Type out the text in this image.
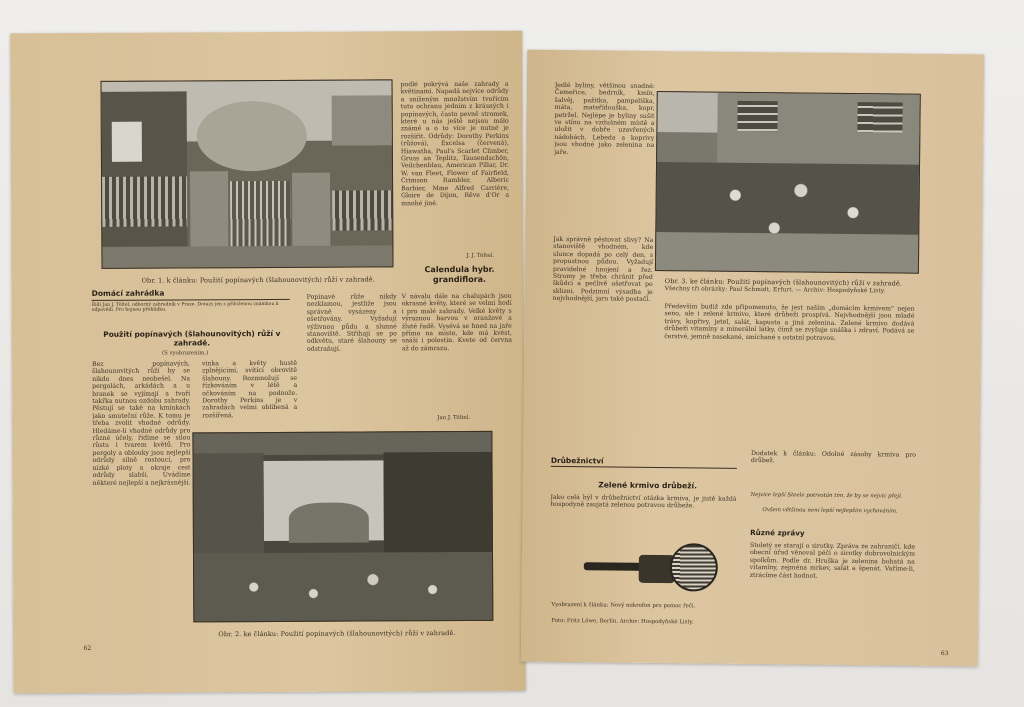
Obr. 1. k článku: Použití popínavých (šlahounovitých) růží v zahradě.
podlé pokrývá naše zahrady a květinami. Napadá nejvíce odrůdy a sníženým množstvím tvořícím tuto ochranu jedním z krásných i popínavých, často pevně stromek, které u nás ještě nejsou málo známé a o to více je nutné je rozšířit. Odrůdy: Dorothy Perkins (růžová), Excelsa (červená), Hiawatha, Paul's Scarlet Climber, Gruss an Teplitz, Tausendschön, Veilchenblau, American Pillar, Dr. W. van Fleet, Flower of Fairfield, Crimson Rambler, Alberic Barbier, Mme Alfred Carrière, Gloire de Dijon, Rêve d'Or a mnohé jiné.
J. J. Töltel.
Calendula hybr. grandiflora.
V návalu dále na chalupách jsou okrasné květy, které se velmi hodí i pro malé zahrady. Velké květy s výraznou barvou v oranžové a žluté řadě. Vysévá se hned na jaře přímo na místo, kde má kvést, snáší i polostín. Kvete od června až do zámrazu.
Domácí zahrádka
Řídí Jan J. Töltel, odborný zahradník v Praze. Dotazy jen s přiloženou známkou k odpovědi. Pro hojnou přehlídku.
Použití popínavých (šlahounovitých) růží v zahradě.
(S vyobrazením.)
Bez popínavých, šlahounovitých růží by se nikdo dnes neobešel. Na pergolách, arkádách a u branek se vyjímají a tvoří takřka nutnou ozdobu zahrady. Pěstují se také na kmínkách jako smuteční růže. K tomu je třeba zvolit vhodné odrůdy. Hledáme-li vhodné odrůdy pro různé účely, řídíme se silou růstu i tvarem květů. Pro pergoly a oblouky jsou nejlepší odrůdy silně rostoucí, pro nízké ploty a okraje cest odrůdy slabší. Uvádíme některé nejlepší a nejkrásnější.
vinka a květy hustě zplnějícími, svítící obrovitě šlahouny. Rozmnožují se řízkováním v létě a očkováním na podnože. Dorothy Perkins je v zahradách velmi oblíbená a rozšířená.
Popínavé růže nikdy nezklamou, jestliže jsou správně vysázeny a ošetřovány. Vyžadují výživnou půdu a slunné stanoviště. Stříhají se po odkvětu, staré šlahouny se odstraňují.
Jan J. Töltel.
Obr. 2. ke článku: Použití popínavých (šlahounovitých) růží v zahradě.
62
Jedlé byliny, většinou snadné: Čemeřice, bedrník, kmín, šalvěj, pažitka, pampeliška, máta, mateřídouška, kopr, petržel. Nejlépe je byliny sušit ve stínu na vzdušném místě a uložit v dobře uzavřených nádobách. Lebeda a koprivy jsou vhodné jako zelenina na jaře.
Obr. 3. ke článku: Použití popínavých (šlahounovitých) růží v zahradě.
Všechny tři obrázky: Paul Schmidt, Erfurt. — Archiv: Hospodyňské Listy.
Jak správně pěstovat slivy? Na stanoviště vhodném, kde slunce dopadá po celý den, s propustnou půdou. Vyžadují pravidelné hnojení a řez. Stromy je třeba chránit před škůdci a pečlivě ošetřovat po sklizni. Podzimní výsadba je nejvhodnější, jaro také postačí.
Především budiž zde připomenuto, že jest naším „domácím krmivem" nejen seno, ale i zelené krmivo, které drůbeži prospívá. Nejvhodnější jsou mladé trávy, kopřivy, jetel, salát, kapusta a jiná zelenina. Zelené krmivo dodává drůbeži vitamíny a minerální látky, čímž se zvyšuje snáška i zdraví. Podává se čerstvé, jemně nasekané, smíchané s ostatní potravou.
Drůbežnictví
Zelené krmivo drůbeží.
Jako celá hýl v drůbežnictví otázka krmiva, je jistě každá hospodyně zaujatá zelenou potravou drůbeže.
Vyobrazení k článku: Nový mikrofon pro pomoc řeči.
Foto: Fritz Löwe, Berlín. Archiv: Hospodyňské Listy.
Dodatek k článku: Odolné zásoby krmiva pro drůbež.
Nejvíce lepší Steele potrestán tím, že by se nejvíc přejí.
Ovšem většinou není lepší nejlepším vychováním.
Různé zprávy
Stoletý se starají o sirotky. Zpráva ze zahraničí, kde obecní úřad věnoval péči o sirotky dobrovolnickým spolkům. Podle dr. Hruška je zelenina bohatá na vitamíny, zejména mrkev, salát a špenát. Vaříme-li, ztrácíme část hodnot.
63
